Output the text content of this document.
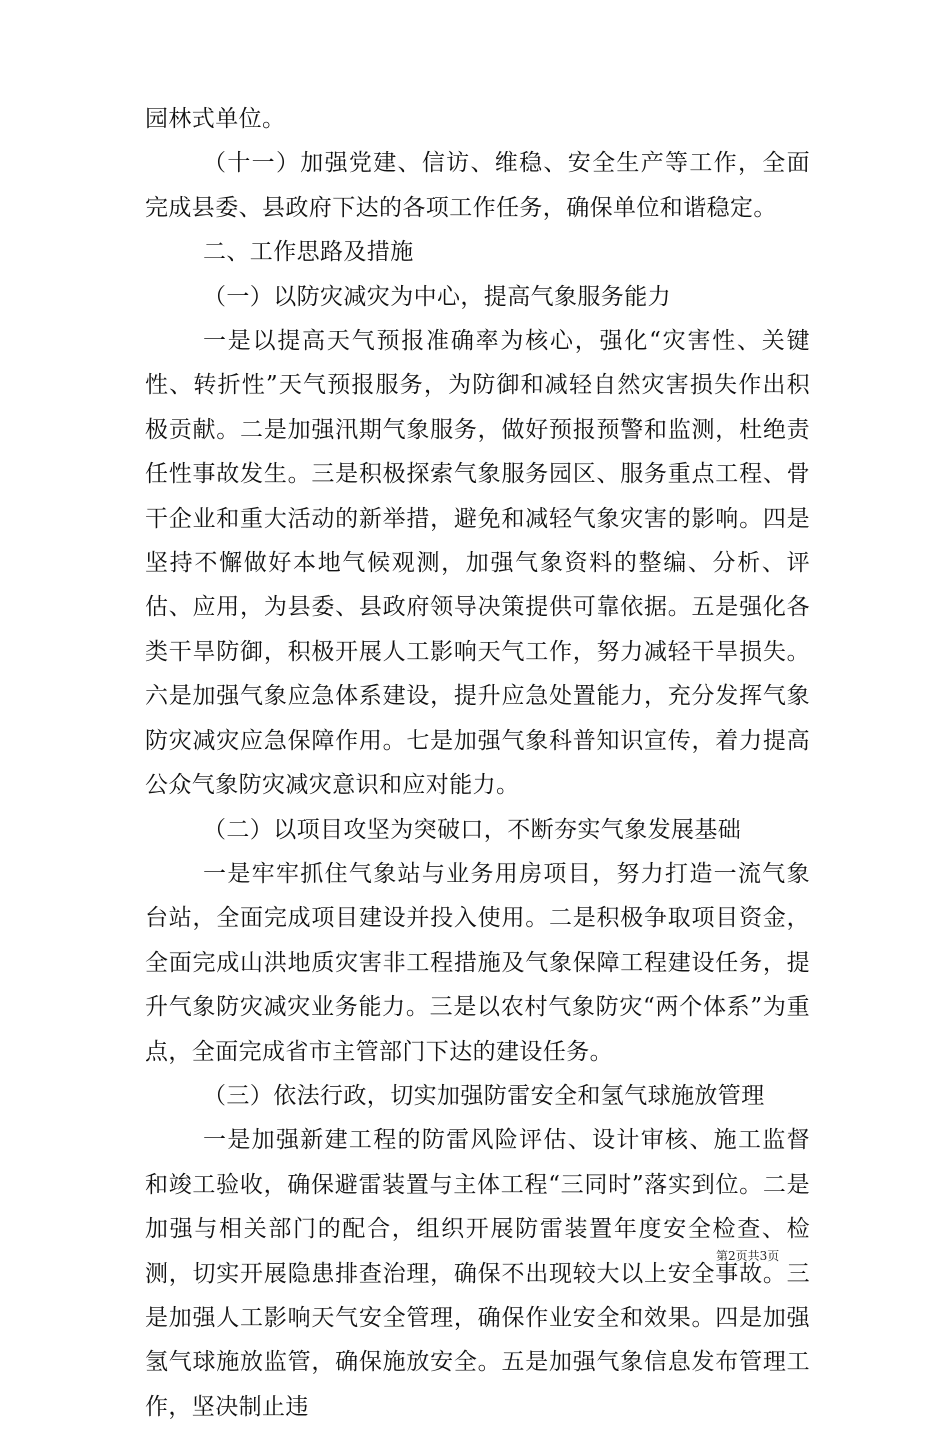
园林式单位。

（十一）加强党建、信访、维稳、安全生产等工作，全面完成县委、县政府下达的各项工作任务，确保单位和谐稳定。

二、工作思路及措施

（一）以防灾减灾为中心，提高气象服务能力

一是以提高天气预报准确率为核心，强化“灾害性、关键性、转折性”天气预报服务，为防御和减轻自然灾害损失作出积极贡献。二是加强汛期气象服务，做好预报预警和监测，杜绝责任性事故发生。三是积极探索气象服务园区、服务重点工程、骨干企业和重大活动的新举措，避免和减轻气象灾害的影响。四是坚持不懈做好本地气候观测，加强气象资料的整编、分析、评估、应用，为县委、县政府领导决策提供可靠依据。五是强化各类干旱防御，积极开展人工影响天气工作，努力减轻干旱损失。六是加强气象应急体系建设，提升应急处置能力，充分发挥气象防灾减灾应急保障作用。七是加强气象科普知识宣传，着力提高公众气象防灾减灾意识和应对能力。

（二）以项目攻坚为突破口，不断夯实气象发展基础

一是牢牢抓住气象站与业务用房项目，努力打造一流气象台站，全面完成项目建设并投入使用。二是积极争取项目资金，全面完成山洪地质灾害非工程措施及气象保障工程建设任务，提升气象防灾减灾业务能力。三是以农村气象防灾“两个体系”为重点，全面完成省市主管部门下达的建设任务。

（三）依法行政，切实加强防雷安全和氢气球施放管理

一是加强新建工程的防雷风险评估、设计审核、施工监督和竣工验收，确保避雷装置与主体工程“三同时”落实到位。二是加强与相关部门的配合，组织开展防雷装置年度安全检查、检测，切实开展隐患排查治理，确保不出现较大以上安全事故。三是加强人工影响天气安全管理，确保作业安全和效果。四是加强氢气球施放监管，确保施放安全。五是加强气象信息发布管理工作，坚决制止违

第2页共3页
